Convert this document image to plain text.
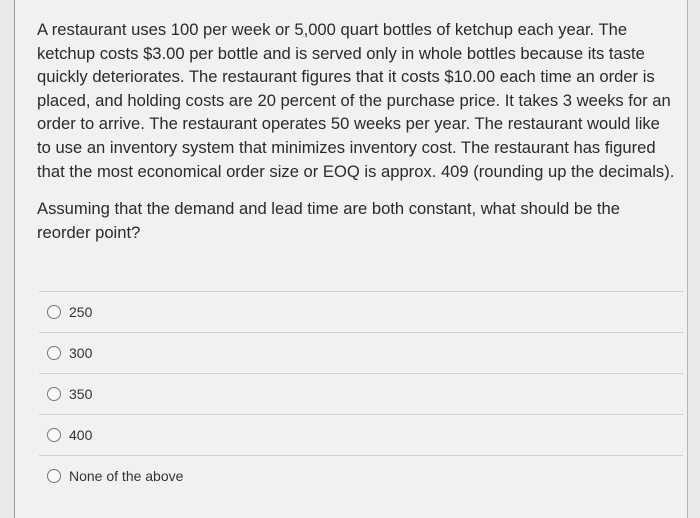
A restaurant uses 100 per week or 5,000 quart bottles of ketchup each year. The ketchup costs $3.00 per bottle and is served only in whole bottles because its taste quickly deteriorates. The restaurant figures that it costs $10.00 each time an order is placed, and holding costs are 20 percent of the purchase price. It takes 3 weeks for an order to arrive. The restaurant operates 50 weeks per year. The restaurant would like to use an inventory system that minimizes inventory cost. The restaurant has figured that the most economical order size or EOQ is approx. 409 (rounding up the decimals).

Assuming that the demand and lead time are both constant, what should be the reorder point?

250
300
350
400
None of the above
